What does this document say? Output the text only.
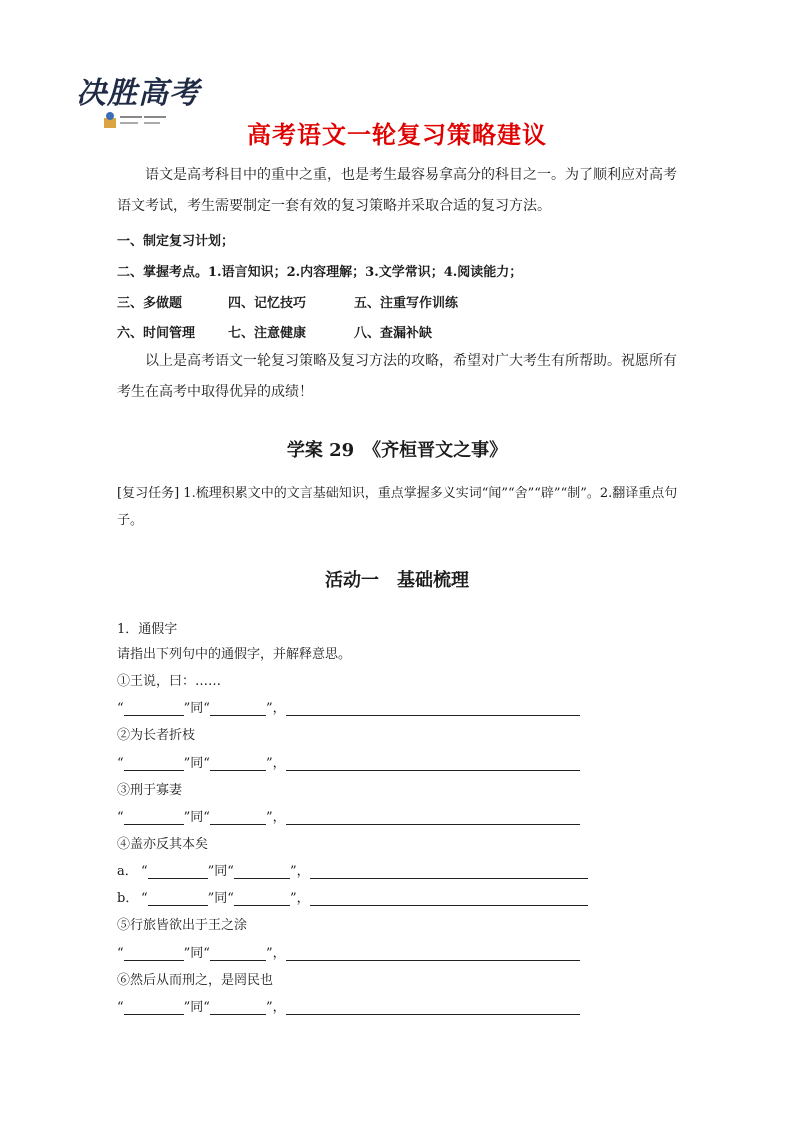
决胜高考
高考语文一轮复习策略建议
语文是高考科目中的重中之重，也是考生最容易拿高分的科目之一。为了顺利应对高考语文考试，考生需要制定一套有效的复习策略并采取合适的复习方法。
一、制定复习计划；
二、掌握考点。1.语言知识；2.内容理解；3.文学常识；4.阅读能力；
三、多做题	四、记忆技巧	五、注重写作训练
六、时间管理	七、注意健康	八、查漏补缺
以上是高考语文一轮复习策略及复习方法的攻略，希望对广大考生有所帮助。祝愿所有考生在高考中取得优异的成绩！
学案 29　《齐桓晋文之事》
[复习任务] 1.梳理积累文中的文言基础知识，重点掌握多义实词“闻”“舍”“辟”“制”。2.翻译重点句子。
活动一　基础梳理
1．通假字
请指出下列句中的通假字，并解释意思。
①王说，曰：……
“	”同“	”，
②为长者折枝
“	”同“	”，
③刑于寡妻
“	”同“	”，
④盖亦反其本矣
a． “	”同“	”，
b． “	”同“	”，
⑤行旅皆欲出于王之涂
“	”同“	”，
⑥然后从而刑之，是罔民也
“	”同“	”，
